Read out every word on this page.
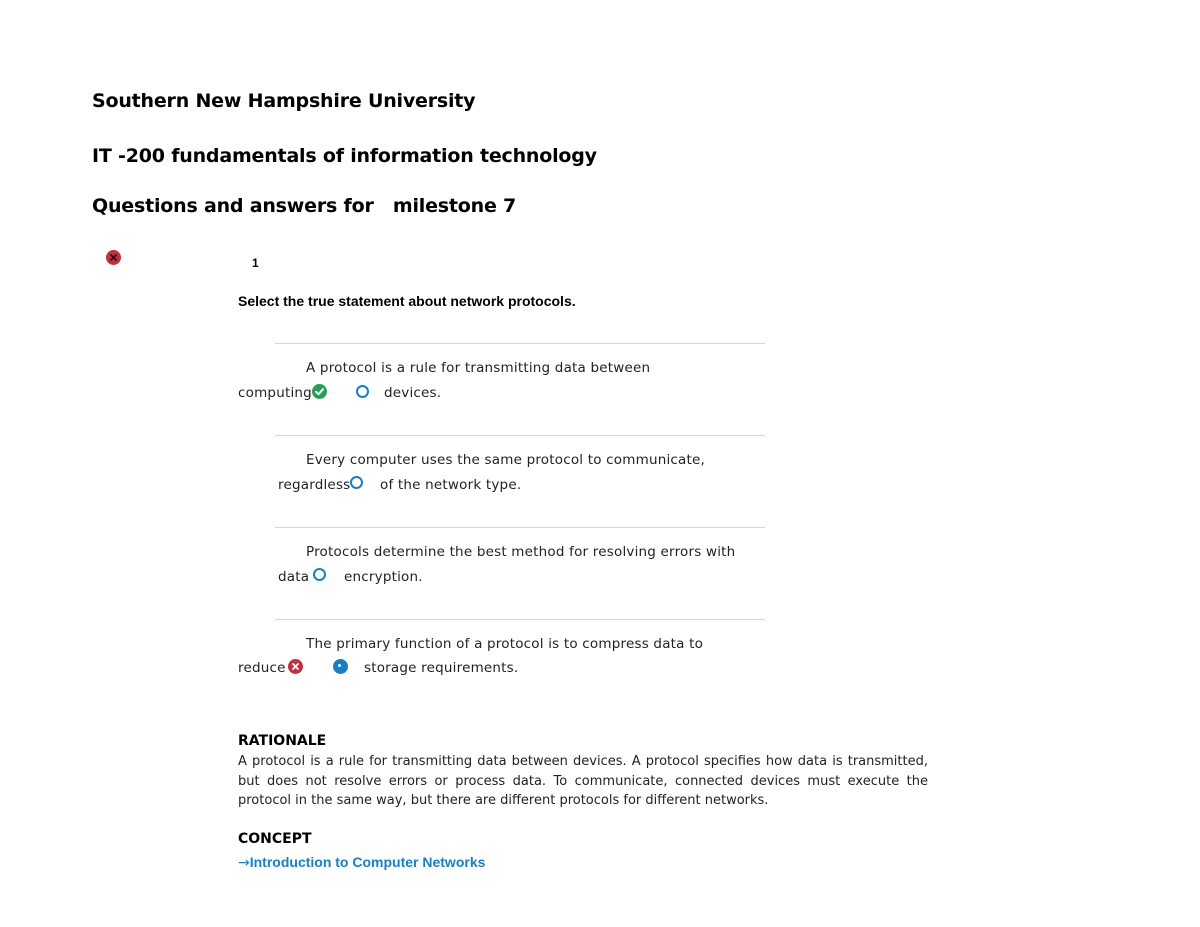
Southern New Hampshire University
IT -200 fundamentals of information technology
Questions and answers for   milestone 7
1
Select the true statement about network protocols.
A protocol is a rule for transmitting data between
computing	devices.
Every computer uses the same protocol to communicate,
regardless of the network type.
Protocols determine the best method for resolving errors with
data	encryption.
The primary function of a protocol is to compress data to
reduce	storage requirements.
RATIONALE
A protocol is a rule for transmitting data between devices. A protocol specifies how data is transmitted, but does not resolve errors or process data. To communicate, connected devices must execute the protocol in the same way, but there are different protocols for different networks.
CONCEPT
→Introduction to Computer Networks
